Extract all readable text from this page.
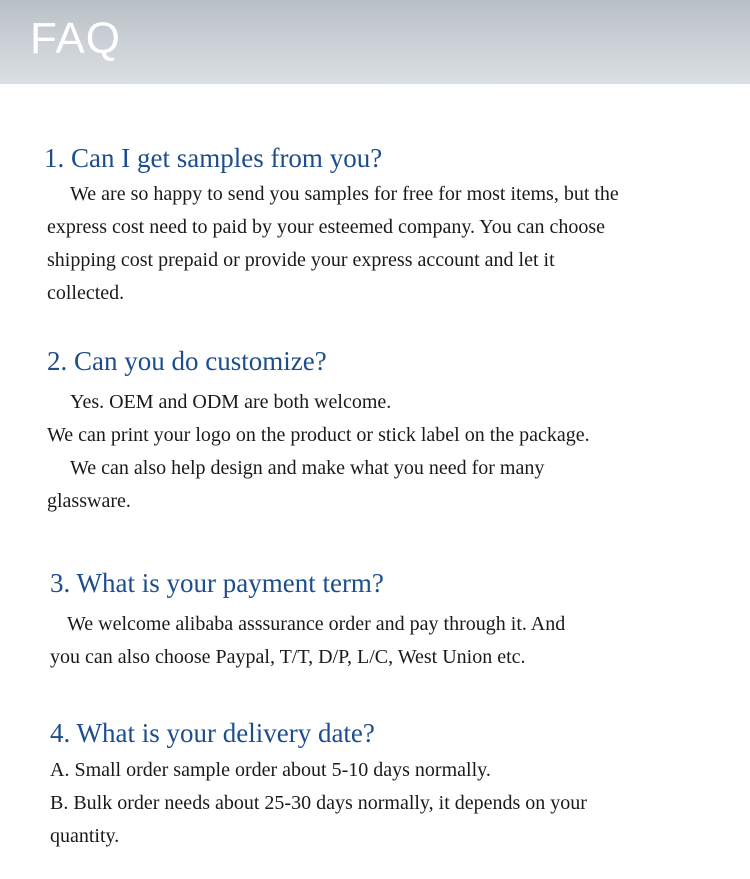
FAQ
1. Can I get samples from you?
We are so happy to send you samples for free for most items, but the
express cost need to paid by your esteemed company. You can choose
shipping cost prepaid or provide your express account and let it
collected.
2. Can you do customize?
Yes. OEM and ODM are both welcome.
We can print your logo on the product or stick label on the package.
We can also help design and make what you need for many
glassware.
3. What is your payment term?
We welcome alibaba asssurance order and pay through it. And
you can also choose Paypal, T/T, D/P, L/C, West Union etc.
4. What is your delivery date?
A. Small order sample order about 5-10 days normally.
B. Bulk order needs about 25-30 days normally, it depends on your
quantity.
